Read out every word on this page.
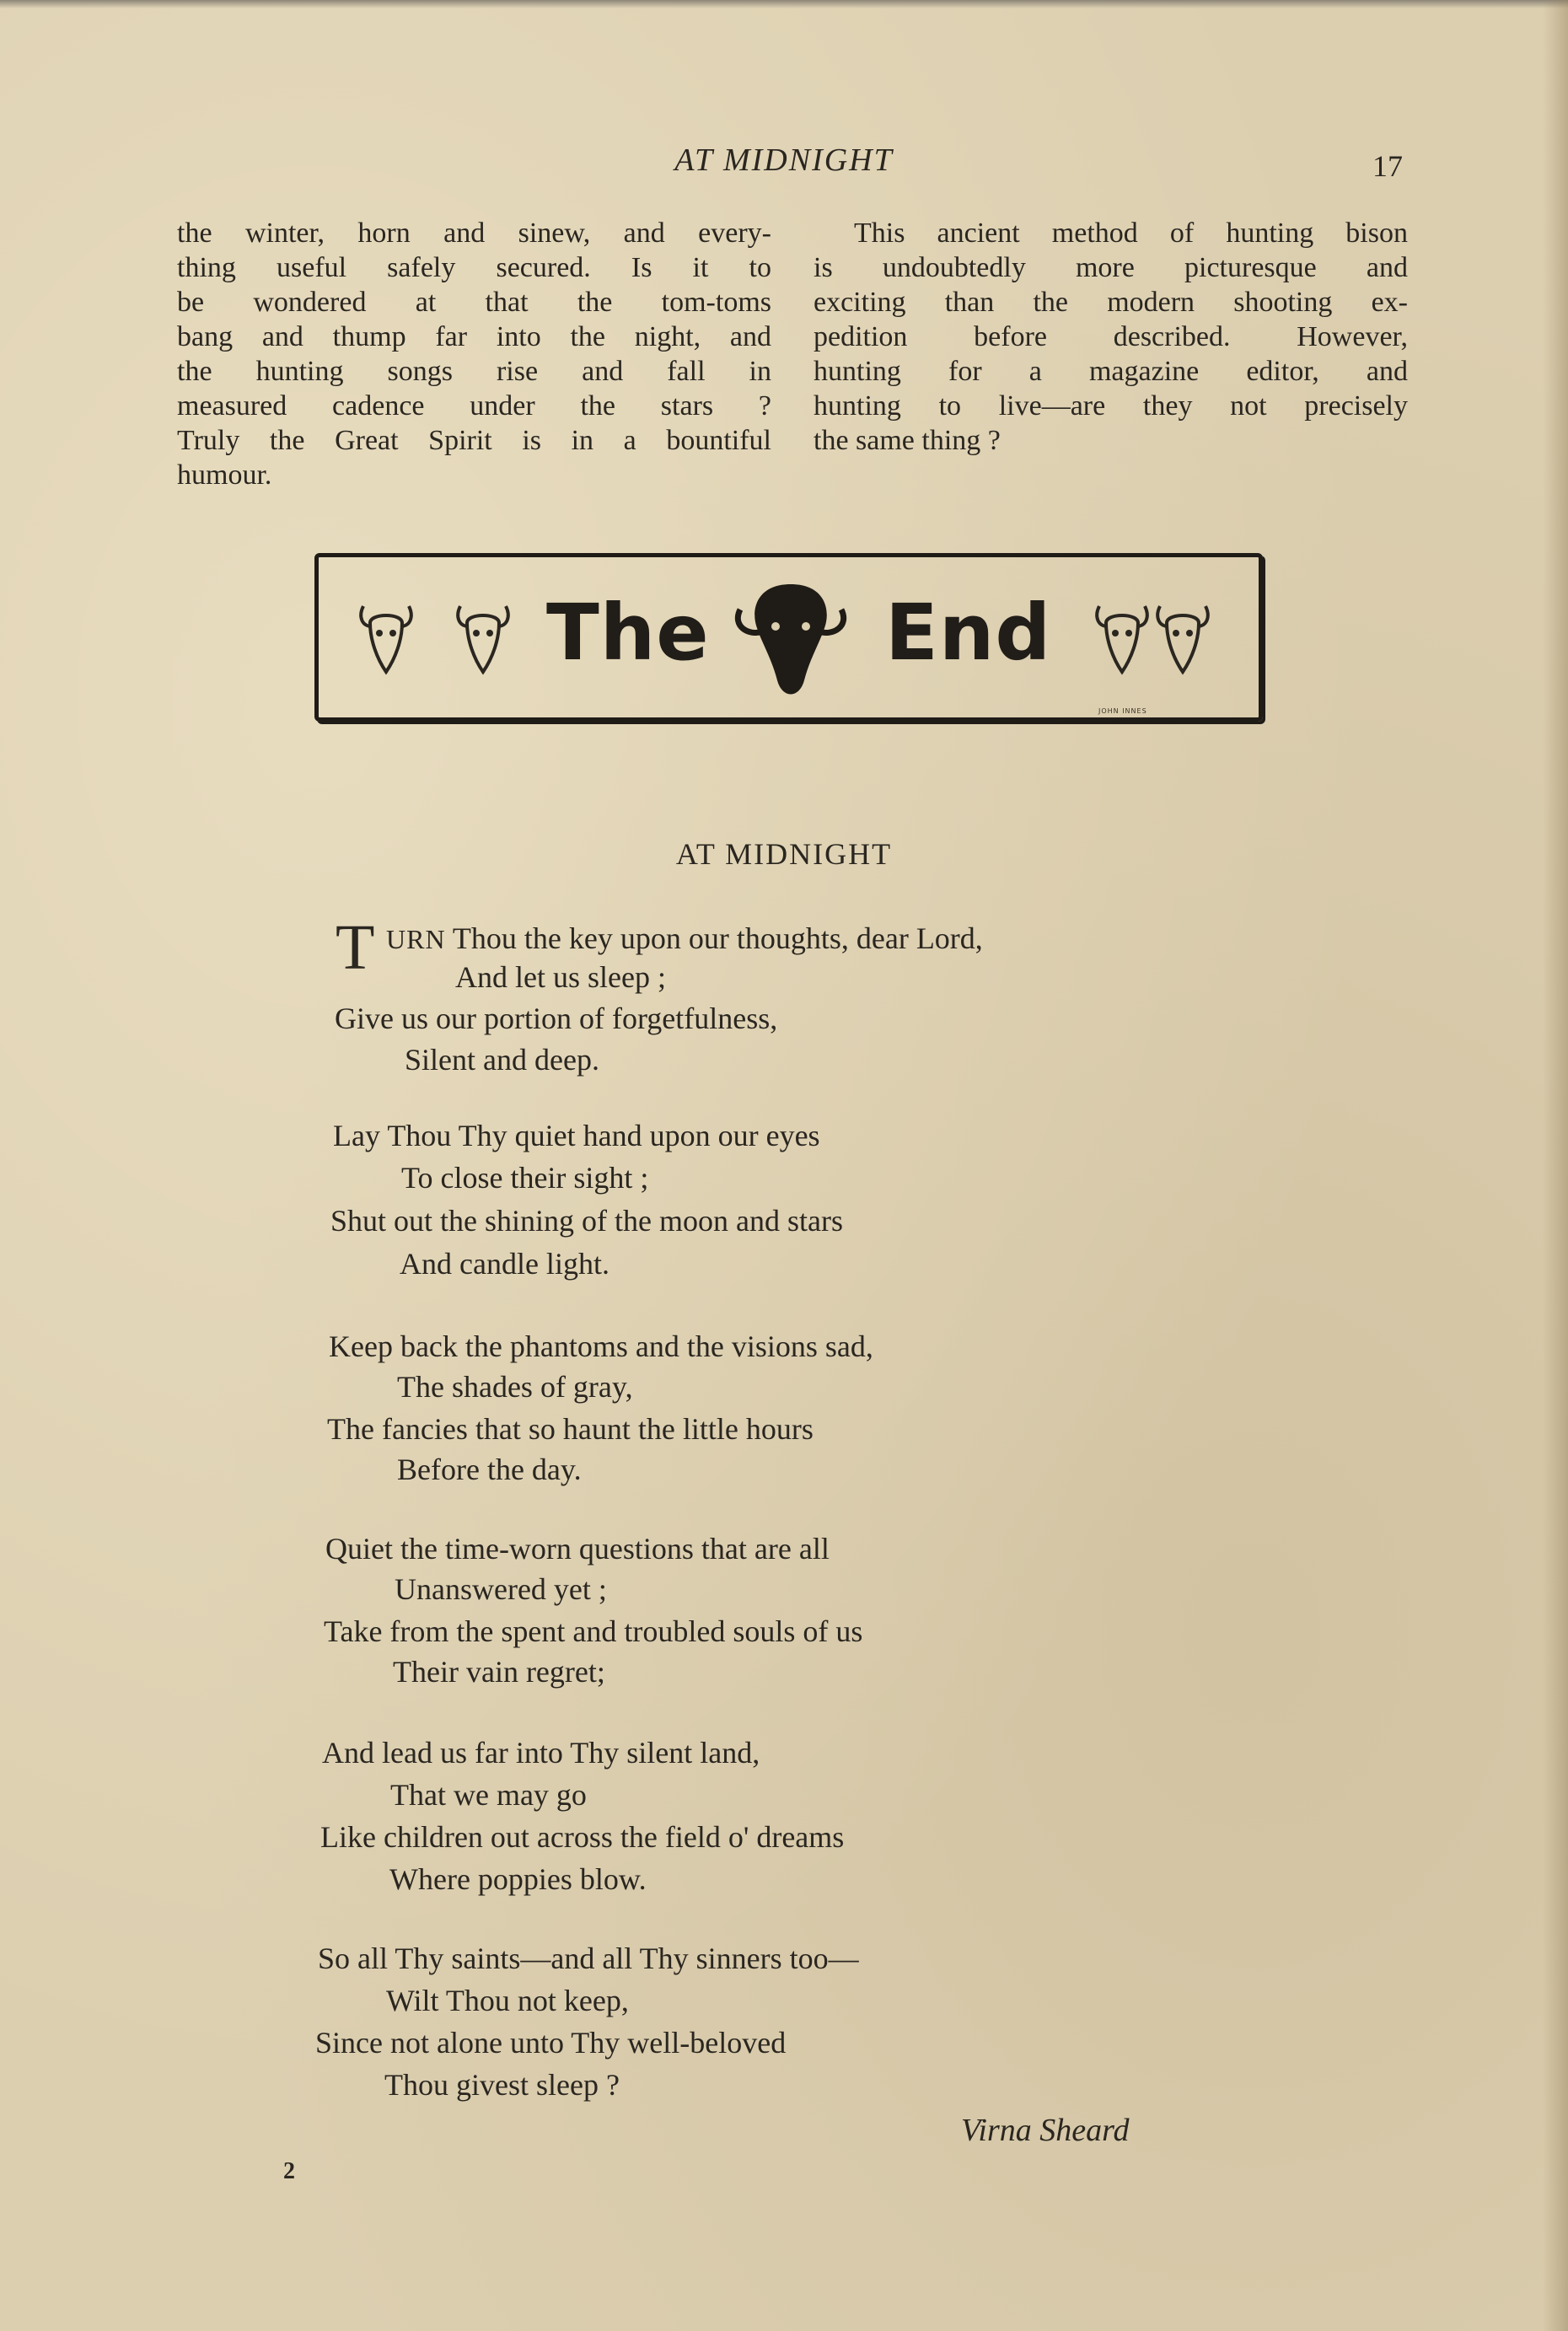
AT MIDNIGHT	17
the winter, horn and sinew, and every-
thing useful safely secured. Is it to
be wondered at that the tom-toms
bang and thump far into the night, and
the hunting songs rise and fall in
measured cadence under the stars ?
Truly the Great Spirit is in a bountiful
humour.
This ancient method of hunting bison
is undoubtedly more picturesque and
exciting than the modern shooting ex-
pedition before described. However,
hunting for a magazine editor, and
hunting to live—are they not precisely
the same thing ?
The End
JOHN INNES
AT MIDNIGHT
T URN Thou the key upon our thoughts, dear Lord,
And let us sleep ;
Give us our portion of forgetfulness,
Silent and deep.
Lay Thou Thy quiet hand upon our eyes
To close their sight ;
Shut out the shining of the moon and stars
And candle light.
Keep back the phantoms and the visions sad,
The shades of gray,
The fancies that so haunt the little hours
Before the day.
Quiet the time-worn questions that are all
Unanswered yet ;
Take from the spent and troubled souls of us
Their vain regret;
And lead us far into Thy silent land,
That we may go
Like children out across the field o' dreams
Where poppies blow.
So all Thy saints—and all Thy sinners too—
Wilt Thou not keep,
Since not alone unto Thy well-beloved
Thou givest sleep ?
Virna Sheard
2
